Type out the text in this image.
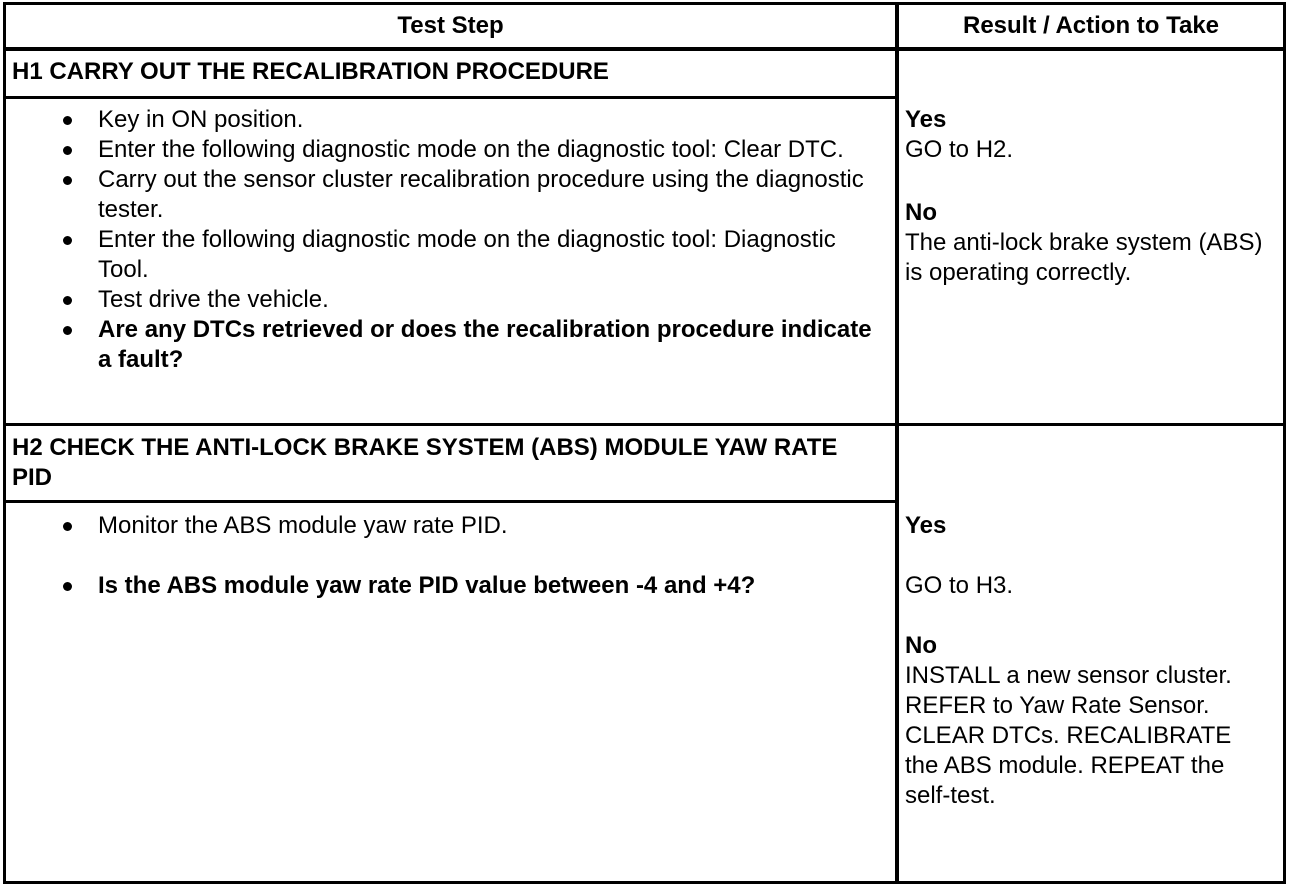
Test Step	Result / Action to Take
H1 CARRY OUT THE RECALIBRATION PROCEDURE
Key in ON position.
Enter the following diagnostic mode on the diagnostic tool: Clear DTC.
Carry out the sensor cluster recalibration procedure using the diagnostic tester.
Enter the following diagnostic mode on the diagnostic tool: Diagnostic Tool.
Test drive the vehicle.
Are any DTCs retrieved or does the recalibration procedure indicate a fault?
Yes
GO to H2.
No
The anti-lock brake system (ABS) is operating correctly.
H2 CHECK THE ANTI-LOCK BRAKE SYSTEM (ABS) MODULE YAW RATE PID
Monitor the ABS module yaw rate PID.
Is the ABS module yaw rate PID value between -4 and +4?
Yes
GO to H3.
No
INSTALL a new sensor cluster. REFER to Yaw Rate Sensor. CLEAR DTCs. RECALIBRATE the ABS module. REPEAT the self-test.
